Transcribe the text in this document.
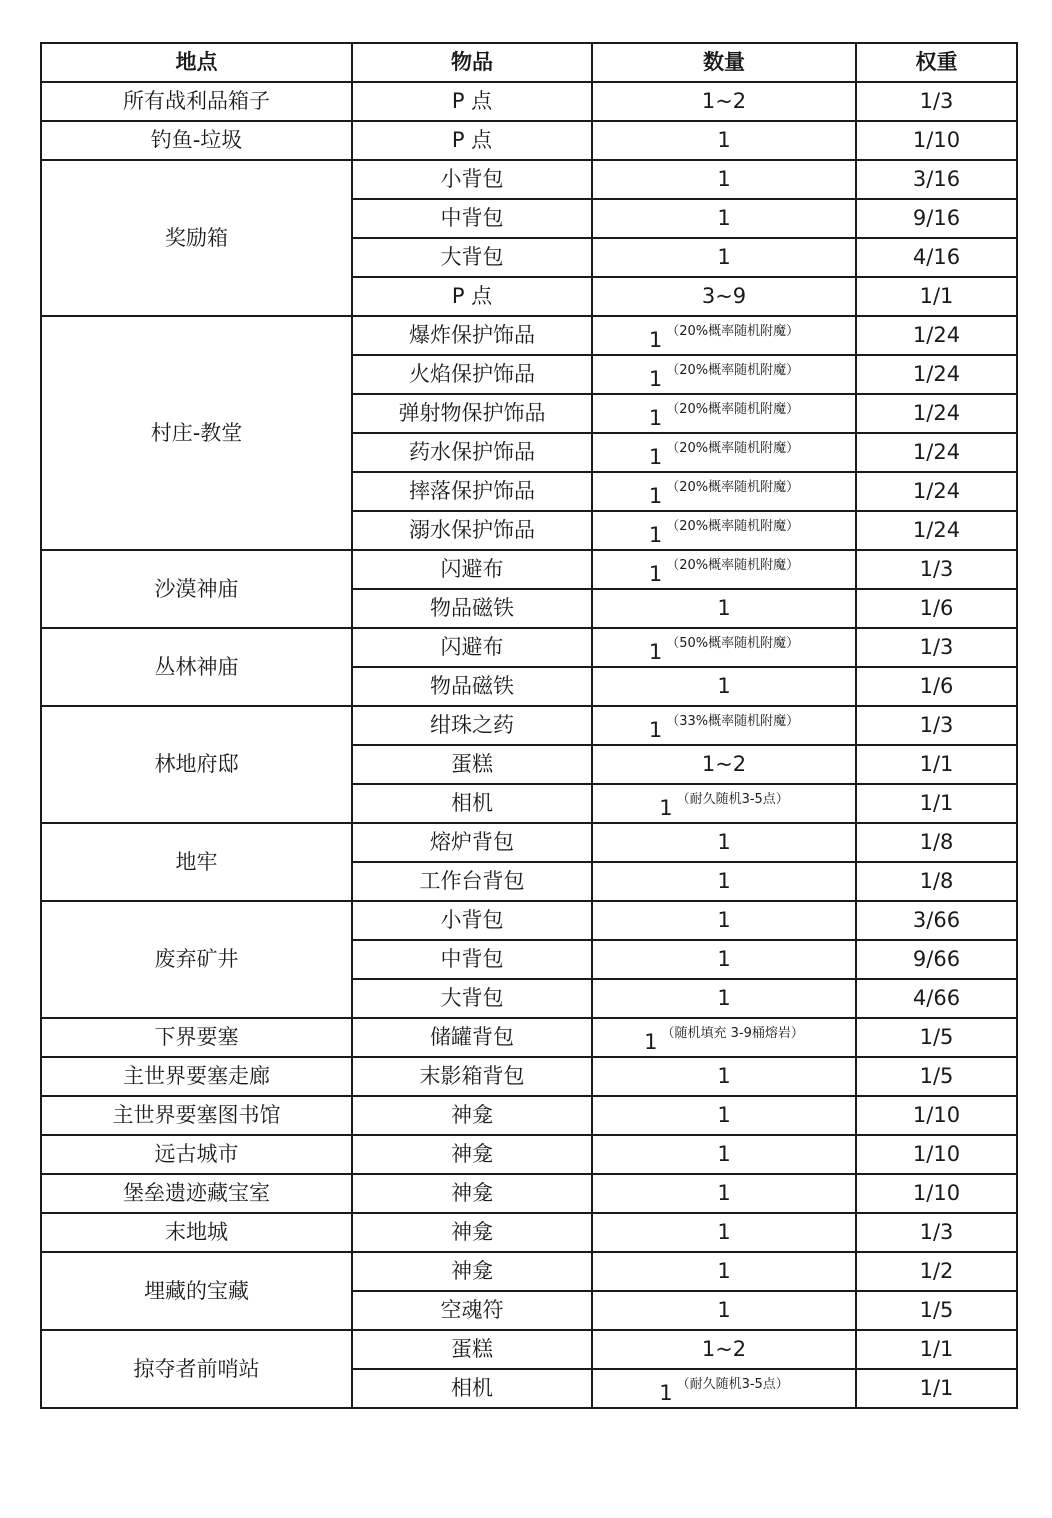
地点	物品	数量	权重
所有战利品箱子	P 点	1~2	1/3
钓鱼-垃圾	P 点	1	1/10
奖励箱	小背包	1	3/16
	中背包	1	9/16
	大背包	1	4/16
	P 点	3~9	1/1
村庄-教堂	爆炸保护饰品	1 $^{(20\%概率随机附魔)}$	1/24
	火焰保护饰品	1 $^{(20\%概率随机附魔)}$	1/24
	弹射物保护饰品	1 $^{(20\%概率随机附魔)}$	1/24
	药水保护饰品	1 $^{(20\%概率随机附魔)}$	1/24
	摔落保护饰品	1 $^{(20\%概率随机附魔)}$	1/24
	溺水保护饰品	1 $^{(20\%概率随机附魔)}$	1/24
沙漠神庙	闪避布	1 $^{(20\%概率随机附魔)}$	1/3
	物品磁铁	1	1/6
丛林神庙	闪避布	1 $^{(50\%概率随机附魔)}$	1/3
	物品磁铁	1	1/6
林地府邸	绀珠之药	1 $^{(33\%概率随机附魔)}$	1/3
	蛋糕	1~2	1/1
	相机	1 $^{(耐久随机3-5点)}$	1/1
地牢	熔炉背包	1	1/8
	工作台背包	1	1/8
废弃矿井	小背包	1	3/66
	中背包	1	9/66
	大背包	1	4/66
下界要塞	储罐背包	1 $^{(随机填充 3-9桶熔岩)}$	1/5
主世界要塞走廊	末影箱背包	1	1/5
主世界要塞图书馆	神龛	1	1/10
远古城市	神龛	1	1/10
堡垒遗迹藏宝室	神龛	1	1/10
末地城	神龛	1	1/3
埋藏的宝藏	神龛	1	1/2
	空魂符	1	1/5
掠夺者前哨站	蛋糕	1~2	1/1
	相机	1 $^{(耐久随机3-5点)}$	1/1
